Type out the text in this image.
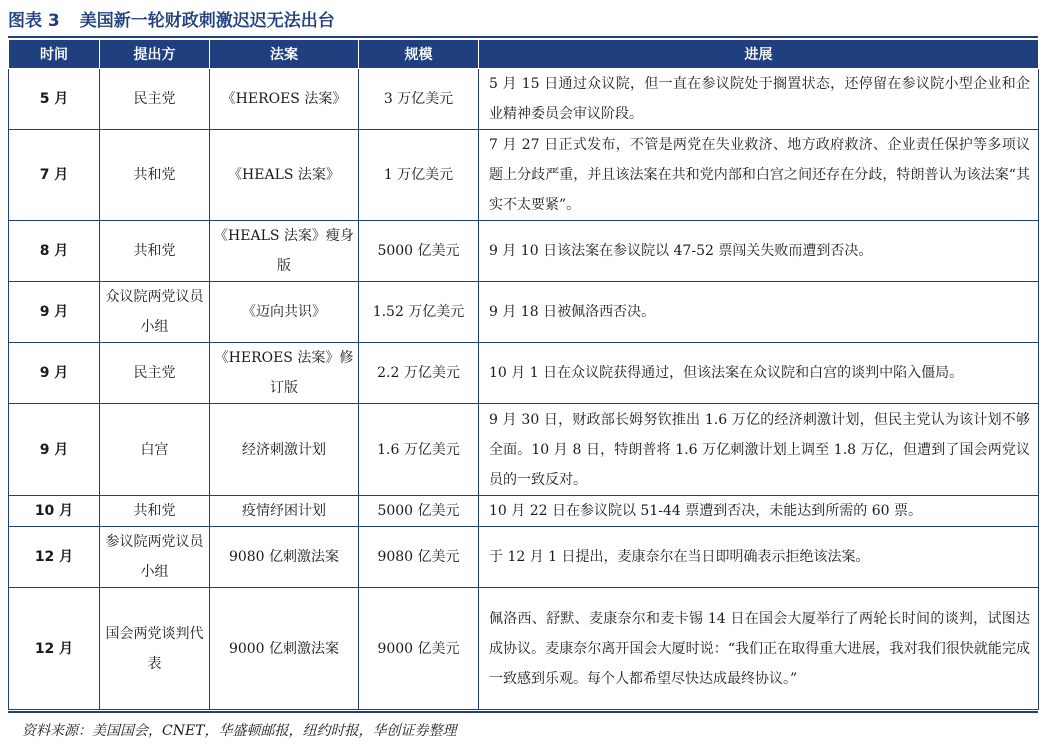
图表 3 美国新一轮财政刺激迟迟无法出台
时间	提出方	法案	规模	进展
5 月	民主党	《HEROES 法案》	3 万亿美元	5 月 15 日通过众议院，但一直在参议院处于搁置状态，还停留在参议院小型企业和企业精神委员会审议阶段。
7 月	共和党	《HEALS 法案》	1 万亿美元	7 月 27 日正式发布，不管是两党在失业救济、地方政府救济、企业责任保护等多项议题上分歧严重，并且该法案在共和党内部和白宫之间还存在分歧，特朗普认为该法案“其实不太要紧”。
8 月	共和党	《HEALS 法案》瘦身版	5000 亿美元	9 月 10 日该法案在参议院以 47-52 票闯关失败而遭到否决。
9 月	众议院两党议员小组	《迈向共识》	1.52 万亿美元	9 月 18 日被佩洛西否决。
9 月	民主党	《HEROES 法案》修订版	2.2 万亿美元	10 月 1 日在众议院获得通过，但该法案在众议院和白宫的谈判中陷入僵局。
9 月	白宫	经济刺激计划	1.6 万亿美元	9 月 30 日，财政部长姆努钦推出 1.6 万亿的经济刺激计划，但民主党认为该计划不够全面。10 月 8 日，特朗普将 1.6 万亿刺激计划上调至 1.8 万亿，但遭到了国会两党议员的一致反对。
10 月	共和党	疫情纾困计划	5000 亿美元	10 月 22 日在参议院以 51-44 票遭到否决，未能达到所需的 60 票。
12 月	参议院两党议员小组	9080 亿刺激法案	9080 亿美元	于 12 月 1 日提出，麦康奈尔在当日即明确表示拒绝该法案。
12 月	国会两党谈判代表	9000 亿刺激法案	9000 亿美元	佩洛西、舒默、麦康奈尔和麦卡锡 14 日在国会大厦举行了两轮长时间的谈判，试图达成协议。麦康奈尔离开国会大厦时说：“我们正在取得重大进展，我对我们很快就能完成一致感到乐观。每个人都希望尽快达成最终协议。”
资料来源：美国国会，CNET，华盛顿邮报，纽约时报，华创证券整理
